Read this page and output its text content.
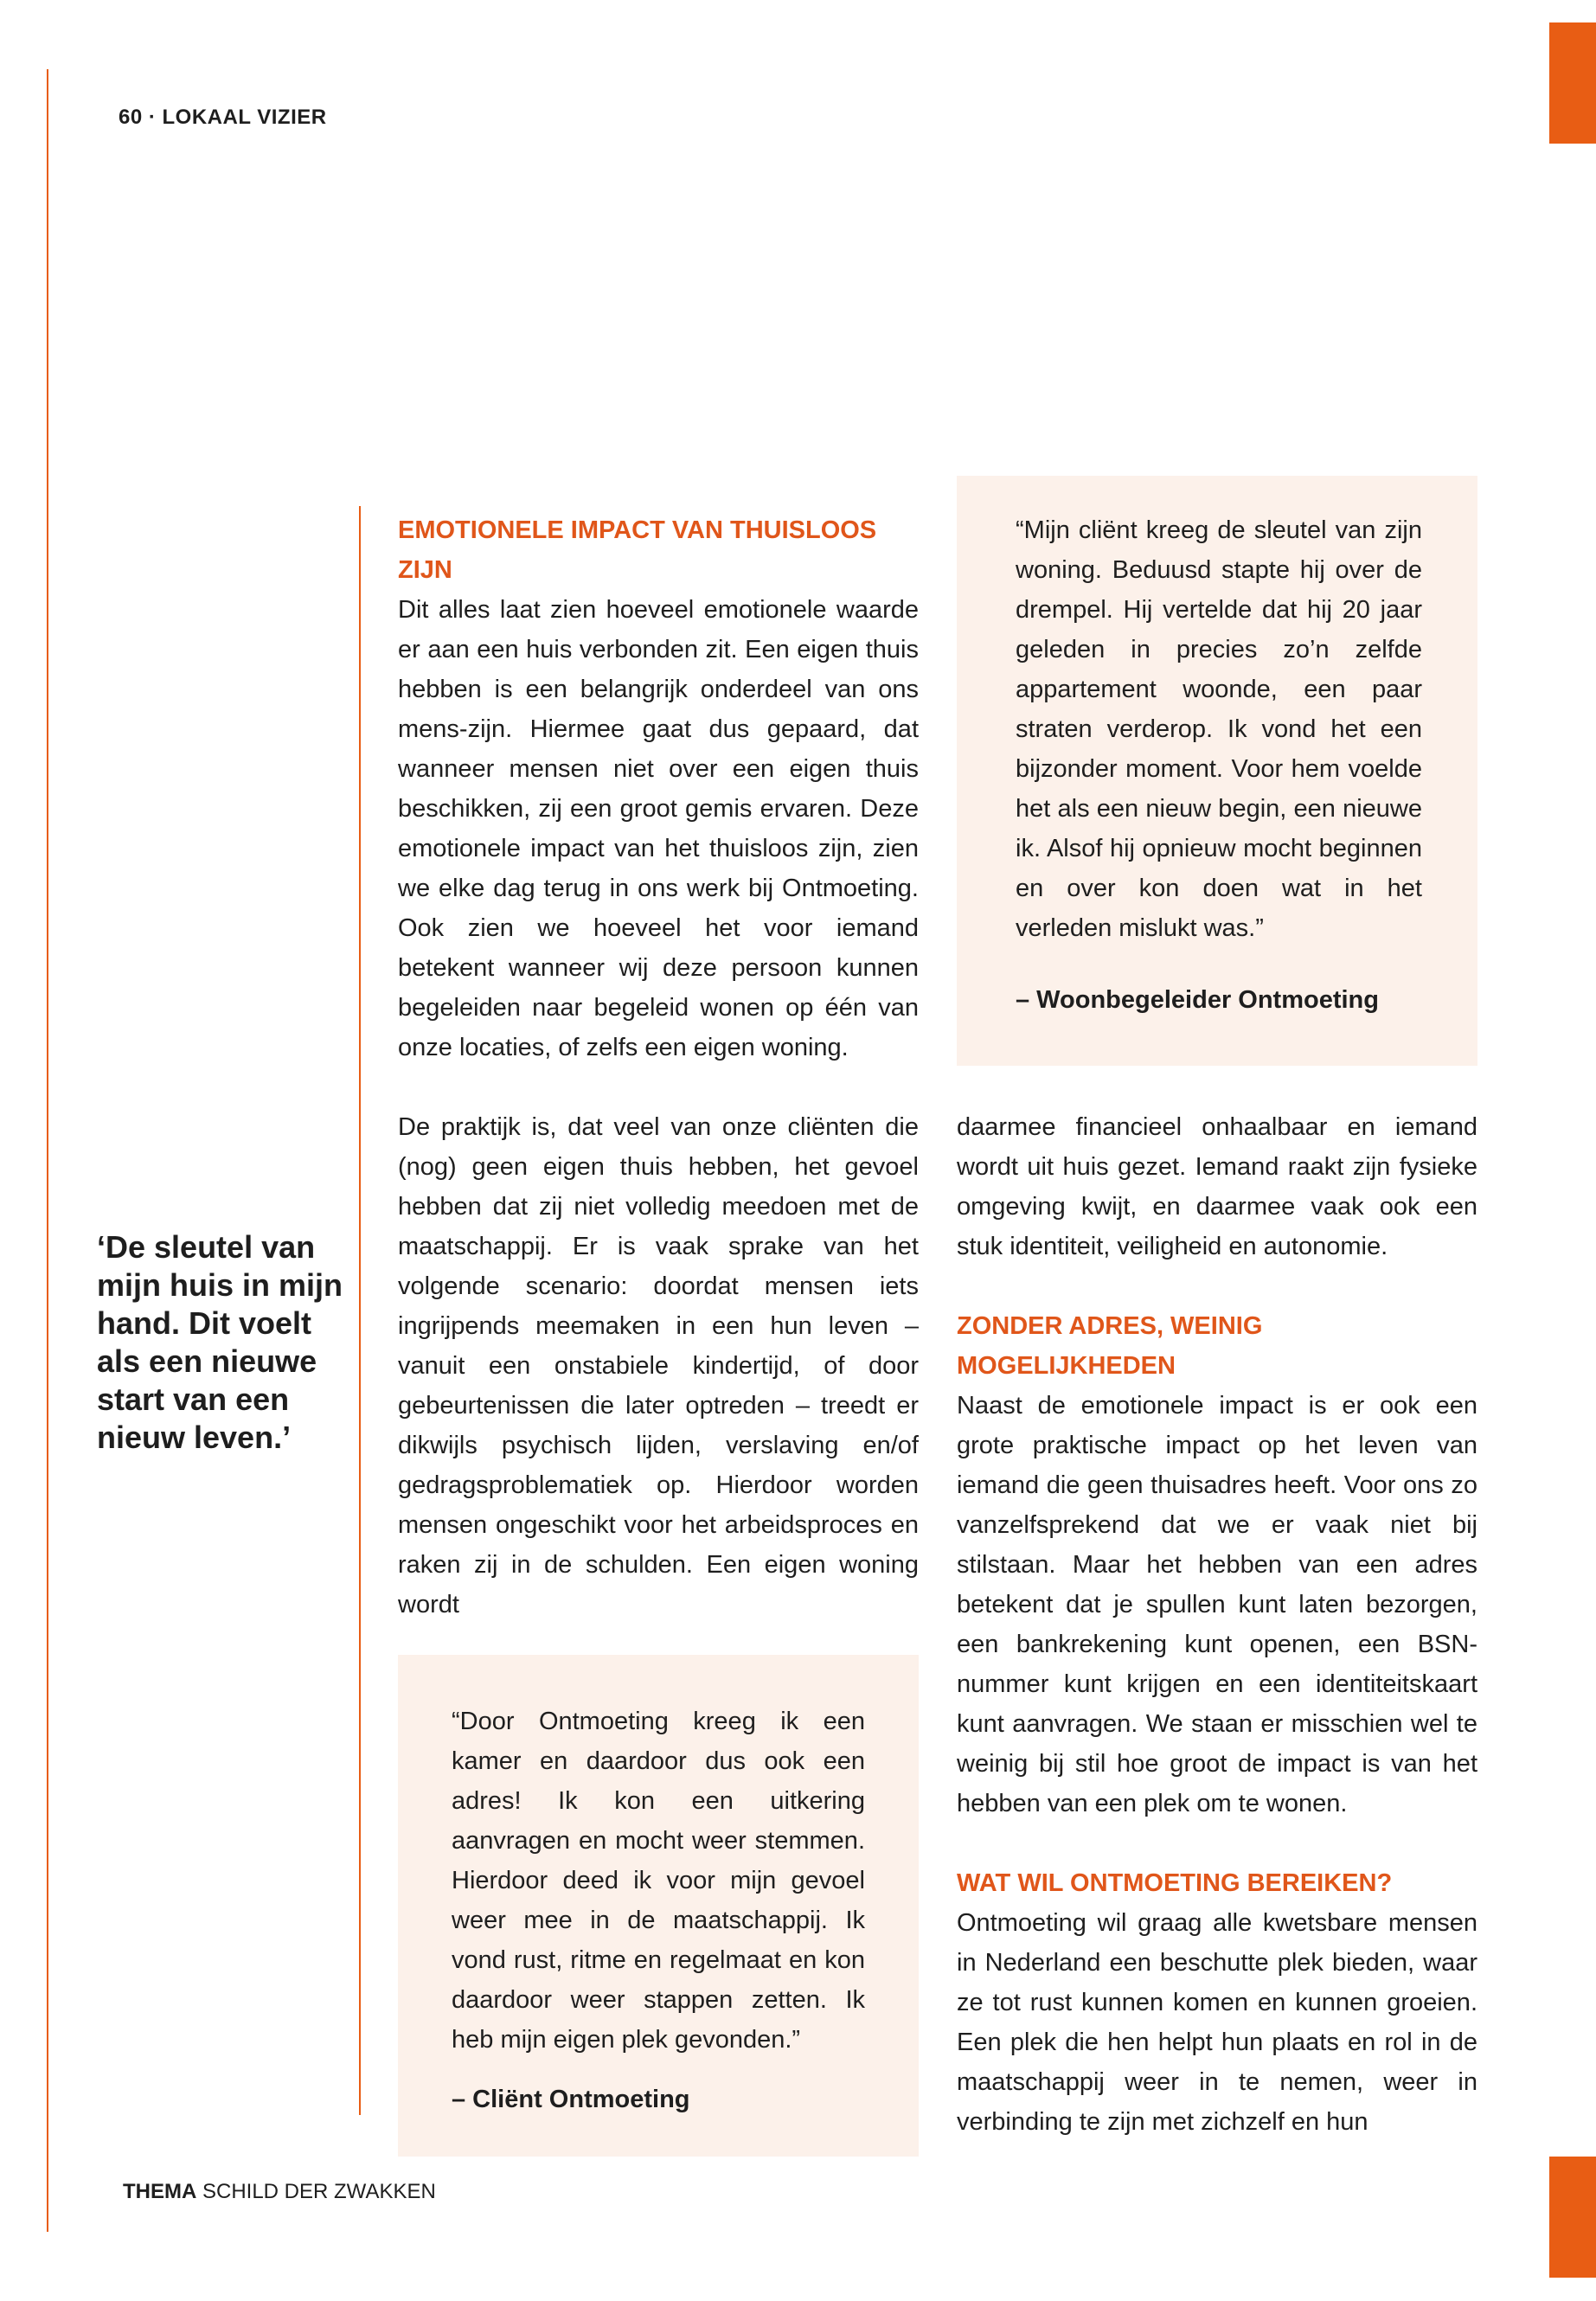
60 · LOKAAL VIZIER
‘De sleutel van mijn huis in mijn hand. Dit voelt als een nieuwe start van een nieuw leven.’
EMOTIONELE IMPACT VAN THUISLOOS ZIJN

Dit alles laat zien hoeveel emotionele waarde er aan een huis verbonden zit. Een eigen thuis hebben is een belangrijk onderdeel van ons mens-zijn. Hiermee gaat dus gepaard, dat wanneer mensen niet over een eigen thuis beschikken, zij een groot gemis ervaren. Deze emotionele impact van het thuisloos zijn, zien we elke dag terug in ons werk bij Ontmoeting. Ook zien we hoeveel het voor iemand betekent wanneer wij deze persoon kunnen begeleiden naar begeleid wonen op één van onze locaties, of zelfs een eigen woning.

De praktijk is, dat veel van onze cliënten die (nog) geen eigen thuis hebben, het gevoel hebben dat zij niet volledig meedoen met de maatschappij. Er is vaak sprake van het volgende scenario: doordat mensen iets ingrijpends meemaken in een hun leven – vanuit een onstabiele kindertijd, of door gebeurtenissen die later optreden – treedt er dikwijls psychisch lijden, verslaving en/of gedragsproblematiek op. Hierdoor worden mensen ongeschikt voor het arbeidsproces en raken zij in de schulden. Een eigen woning wordt

“Mijn cliënt kreeg de sleutel van zijn woning. Beduusd stapte hij over de drempel. Hij vertelde dat hij 20 jaar geleden in precies zo’n zelfde appartement woonde, een paar straten verderop. Ik vond het een bijzonder moment. Voor hem voelde het als een nieuw begin, een nieuwe ik. Alsof hij opnieuw mocht beginnen en over kon doen wat in het verleden mislukt was.”
– Woonbegeleider Ontmoeting

daarmee financieel onhaalbaar en iemand wordt uit huis gezet. Iemand raakt zijn fysieke omgeving kwijt, en daarmee vaak ook een stuk identiteit, veiligheid en autonomie.

ZONDER ADRES, WEINIG MOGELIJKHEDEN

Naast de emotionele impact is er ook een grote praktische impact op het leven van iemand die geen thuisadres heeft. Voor ons zo vanzelfsprekend dat we er vaak niet bij stilstaan. Maar het hebben van een adres betekent dat je spullen kunt laten bezorgen, een bankrekening kunt openen, een BSN-nummer kunt krijgen en een identiteitskaart kunt aanvragen. We staan er misschien wel te weinig bij stil hoe groot de impact is van het hebben van een plek om te wonen.

WAT WIL ONTMOETING BEREIKEN?

Ontmoeting wil graag alle kwetsbare mensen in Nederland een beschutte plek bieden, waar ze tot rust kunnen komen en kunnen groeien. Een plek die hen helpt hun plaats en rol in de maatschappij weer in te nemen, weer in verbinding te zijn met zichzelf en hun

“Door Ontmoeting kreeg ik een kamer en daardoor dus ook een adres! Ik kon een uitkering aanvragen en mocht weer stemmen. Hierdoor deed ik voor mijn gevoel weer mee in de maatschappij. Ik vond rust, ritme en regelmaat en kon daardoor weer stappen zetten. Ik heb mijn eigen plek gevonden.”
– Cliënt Ontmoeting
THEMA SCHILD DER ZWAKKEN
